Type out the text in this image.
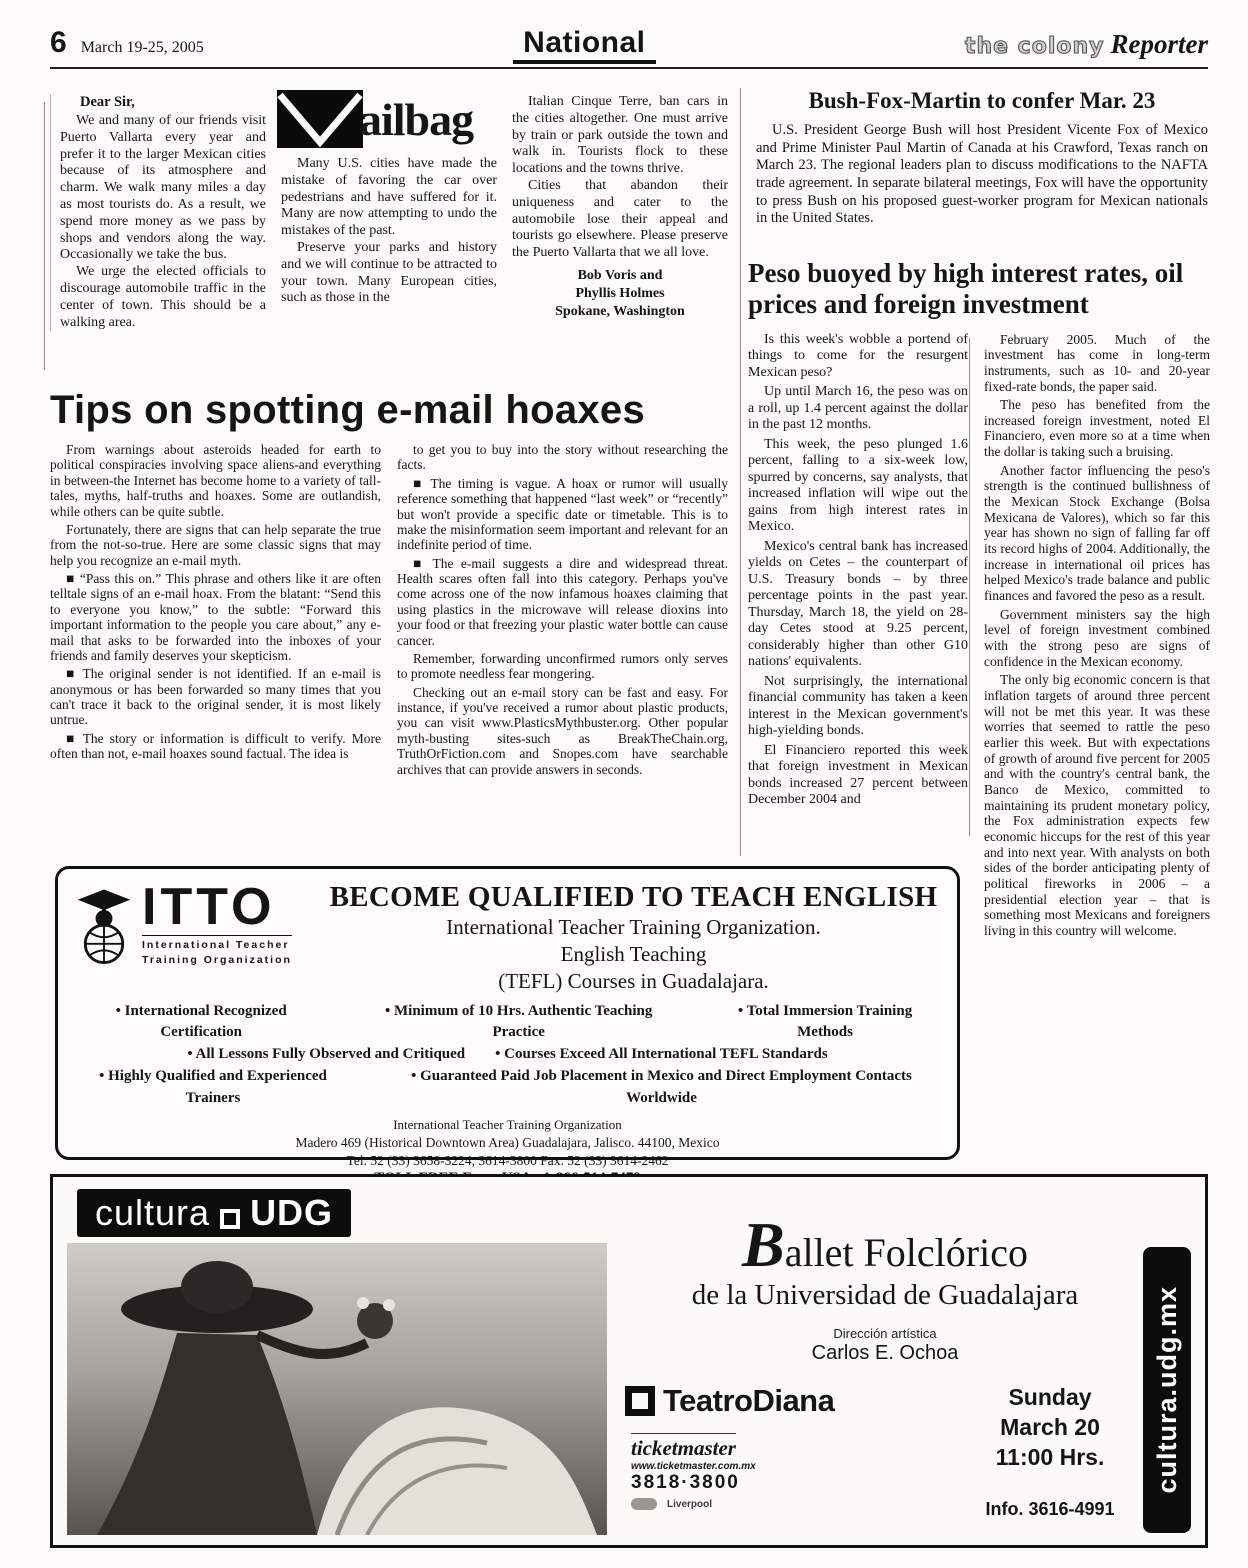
6 March 19-25, 2005	National	the colony Reporter

Dear Sir,

We and many of our friends visit Puerto Vallarta every year and prefer it to the larger Mexican cities because of its atmosphere and charm. We walk many miles a day as most tourists do. As a result, we spend more money as we pass by shops and vendors along the way. Occasionally we take the bus.

We urge the elected officials to discourage automobile traffic in the center of town. This should be a walking area.

ailbag

Many U.S. cities have made the mistake of favoring the car over pedestrians and have suffered for it. Many are now attempting to undo the mistakes of the past.

Preserve your parks and history and we will continue to be attracted to your town. Many European cities, such as those in the

Italian Cinque Terre, ban cars in the cities altogether. One must arrive by train or park outside the town and walk in. Tourists flock to these locations and the towns thrive.

Cities that abandon their uniqueness and cater to the automobile lose their appeal and tourists go elsewhere. Please preserve the Puerto Vallarta that we all love.

Bob Voris and
Phyllis Holmes
Spokane, Washington
Bush-Fox-Martin to confer Mar. 23

U.S. President George Bush will host President Vicente Fox of Mexico and Prime Minister Paul Martin of Canada at his Crawford, Texas ranch on March 23. The regional leaders plan to discuss modifications to the NAFTA trade agreement. In separate bilateral meetings, Fox will have the opportunity to press Bush on his proposed guest-worker program for Mexican nationals in the United States.

Peso buoyed by high interest rates, oil prices and foreign investment

Is this week's wobble a portend of things to come for the resurgent Mexican peso?

Up until March 16, the peso was on a roll, up 1.4 percent against the dollar in the past 12 months.

This week, the peso plunged 1.6 percent, falling to a six-week low, spurred by concerns, say analysts, that increased inflation will wipe out the gains from high interest rates in Mexico.

Mexico's central bank has increased yields on Cetes – the counterpart of U.S. Treasury bonds – by three percentage points in the past year. Thursday, March 18, the yield on 28-day Cetes stood at 9.25 percent, considerably higher than other G10 nations' equivalents.

Not surprisingly, the international financial community has taken a keen interest in the Mexican government's high-yielding bonds.

El Financiero reported this week that foreign investment in Mexican bonds increased 27 percent between December 2004 and

February 2005. Much of the investment has come in long-term instruments, such as 10- and 20-year fixed-rate bonds, the paper said.

The peso has benefited from the increased foreign investment, noted El Financiero, even more so at a time when the dollar is taking such a bruising.

Another factor influencing the peso's strength is the continued bullishness of the Mexican Stock Exchange (Bolsa Mexicana de Valores), which so far this year has shown no sign of falling far off its record highs of 2004. Additionally, the increase in international oil prices has helped Mexico's trade balance and public finances and favored the peso as a result.

Government ministers say the high level of foreign investment combined with the strong peso are signs of confidence in the Mexican economy.

The only big economic concern is that inflation targets of around three percent will not be met this year. It was these worries that seemed to rattle the peso earlier this week. But with expectations of growth of around five percent for 2005 and with the country's central bank, the Banco de Mexico, committed to maintaining its prudent monetary policy, the Fox administration expects few economic hiccups for the rest of this year and into next year. With analysts on both sides of the border anticipating plenty of political fireworks in 2006 – a presidential election year – that is something most Mexicans and foreigners living in this country will welcome.

Tips on spotting e-mail hoaxes

From warnings about asteroids headed for earth to political conspiracies involving space aliens-and everything in between-the Internet has become home to a variety of tall-tales, myths, half-truths and hoaxes. Some are outlandish, while others can be quite subtle.

Fortunately, there are signs that can help separate the true from the not-so-true. Here are some classic signs that may help you recognize an e-mail myth.

■ “Pass this on.” This phrase and others like it are often telltale signs of an e-mail hoax. From the blatant: “Send this to everyone you know,” to the subtle: “Forward this important information to the people you care about,” any e-mail that asks to be forwarded into the inboxes of your friends and family deserves your skepticism.

■ The original sender is not identified. If an e-mail is anonymous or has been forwarded so many times that you can't trace it back to the original sender, it is most likely untrue.

■ The story or information is difficult to verify. More often than not, e-mail hoaxes sound factual. The idea is

to get you to buy into the story without researching the facts.

■ The timing is vague. A hoax or rumor will usually reference something that happened “last week” or “recently” but won't provide a specific date or timetable. This is to make the misinformation seem important and relevant for an indefinite period of time.

■ The e-mail suggests a dire and widespread threat. Health scares often fall into this category. Perhaps you've come across one of the now infamous hoaxes claiming that using plastics in the microwave will release dioxins into your food or that freezing your plastic water bottle can cause cancer.

Remember, forwarding unconfirmed rumors only serves to promote needless fear mongering.

Checking out an e-mail story can be fast and easy. For instance, if you've received a rumor about plastic products, you can visit www.PlasticsMythbuster.org. Other popular myth-busting sites-such as BreakTheChain.org, TruthOrFiction.com and Snopes.com have searchable archives that can provide answers in seconds.

ITTO
International Teacher
Training Organization
BECOME QUALIFIED TO TEACH ENGLISH
International Teacher Training Organization.
English Teaching
(TEFL) Courses in Guadalajara.
• International Recognized Certification
• Minimum of 10 Hrs. Authentic Teaching Practice
• Total Immersion Training Methods
• All Lessons Fully Observed and Critiqued	• Courses Exceed All International TEFL Standards
• Highly Qualified and Experienced Trainers
• Guaranteed Paid Job Placement in Mexico and Direct Employment Contacts Worldwide
International Teacher Training Organization
Madero 469 (Historical Downtown Area) Guadalajara, Jalisco. 44100, Mexico
Tel. 52 (33) 3658-3224, 3614-3800 Fax. 52 (33) 3614-2462
cultura UDG	Ballet Folclórico
de la Universidad de Guadalajara
Dirección artística
Carlos E. Ochoa
TeatroDiana
ticketmaster
www.ticketmaster.com.mx
3818·3800
Liverpool
Sunday
March 20
11:00 Hrs.
Info. 3616-4991
cultura.udg.mx
